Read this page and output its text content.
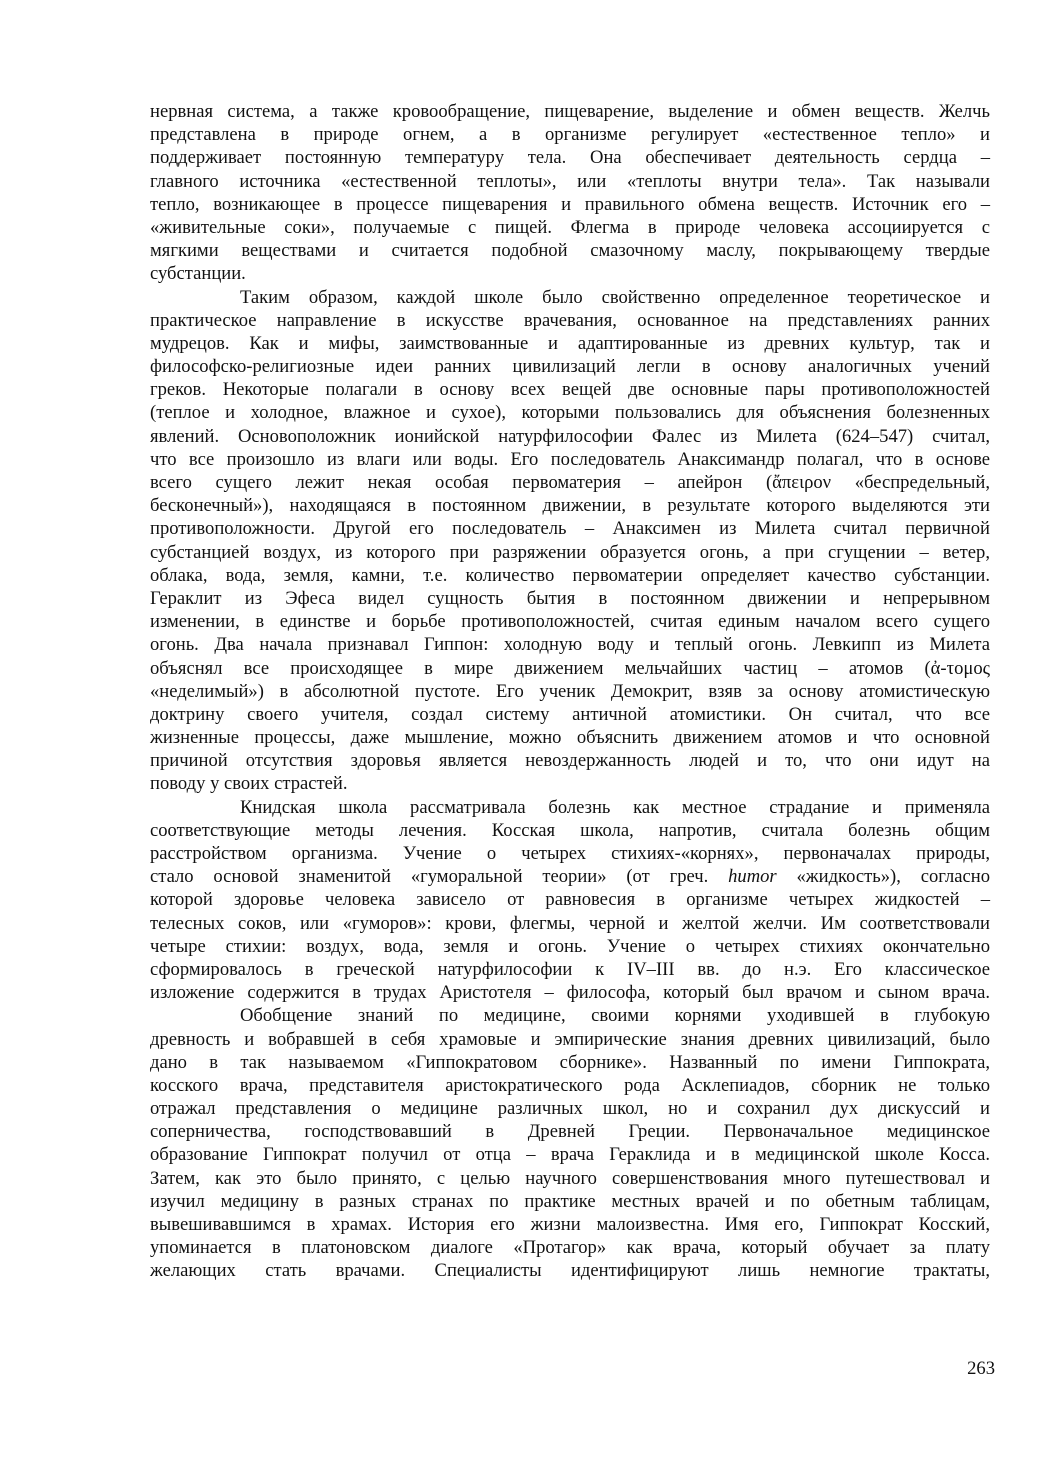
нервная система, а также кровообращение, пищеварение, выделение и обмен веществ. Желчь
представлена в природе огнем, а в организме регулирует «естественное тепло» и
поддерживает постоянную температуру тела. Она обеспечивает деятельность сердца –
главного источника «естественной теплоты», или «теплоты внутри тела». Так называли
тепло, возникающее в процессе пищеварения и правильного обмена веществ. Источник его –
«живительные соки», получаемые с пищей. Флегма в природе человека ассоциируется с
мягкими веществами и считается подобной смазочному маслу, покрывающему твердые
субстанции.
Таким образом, каждой школе было свойственно определенное теоретическое и
практическое направление в искусстве врачевания, основанное на представлениях ранних
мудрецов. Как и мифы, заимствованные и адаптированные из древних культур, так и
философско-религиозные идеи ранних цивилизаций легли в основу аналогичных учений
греков. Некоторые полагали в основу всех вещей две основные пары противоположностей
(теплое и холодное, влажное и сухое), которыми пользовались для объяснения болезненных
явлений. Основоположник ионийской натурфилософии Фалес из Милета (624–547) считал,
что все произошло из влаги или воды. Его последователь Анаксимандр полагал, что в основе
всего сущего лежит некая особая первоматерия – апейрон (ἄπειρον «беспредельный,
бесконечный»), находящаяся в постоянном движении, в результате которого выделяются эти
противоположности. Другой его последователь – Анаксимен из Милета считал первичной
субстанцией воздух, из которого при разряжении образуется огонь, а при сгущении – ветер,
облака, вода, земля, камни, т.е. количество первоматерии определяет качество субстанции.
Гераклит из Эфеса видел сущность бытия в постоянном движении и непрерывном
изменении, в единстве и борьбе противоположностей, считая единым началом всего сущего
огонь. Два начала признавал Гиппон: холодную воду и теплый огонь. Левкипп из Милета
объяснял все происходящее в мире движением мельчайших частиц – атомов (ἀ-τομος
«неделимый») в абсолютной пустоте. Его ученик Демокрит, взяв за основу атомистическую
доктрину своего учителя, создал систему античной атомистики. Он считал, что все
жизненные процессы, даже мышление, можно объяснить движением атомов и что основной
причиной отсутствия здоровья является невоздержанность людей и то, что они идут на
поводу у своих страстей.
Книдская школа рассматривала болезнь как местное страдание и применяла
соответствующие методы лечения. Косская школа, напротив, считала болезнь общим
расстройством организма. Учение о четырех стихиях-«корнях», первоначалах природы,
стало основой знаменитой «гуморальной теории» (от греч. humor «жидкость»), согласно
которой здоровье человека зависело от равновесия в организме четырех жидкостей –
телесных соков, или «гуморов»: крови, флегмы, черной и желтой желчи. Им соответствовали
четыре стихии: воздух, вода, земля и огонь. Учение о четырех стихиях окончательно
сформировалось в греческой натурфилософии к IV–III вв. до н.э. Его классическое
изложение содержится в трудах Аристотеля – философа, который был врачом и сыном врача.
Обобщение знаний по медицине, своими корнями уходившей в глубокую
древность и вобравшей в себя храмовые и эмпирические знания древних цивилизаций, было
дано в так называемом «Гиппократовом сборнике». Названный по имени Гиппократа,
косского врача, представителя аристократического рода Асклепиадов, сборник не только
отражал представления о медицине различных школ, но и сохранил дух дискуссий и
соперничества, господствовавший в Древней Греции. Первоначальное медицинское
образование Гиппократ получил от отца – врача Гераклида и в медицинской школе Косса.
Затем, как это было принято, с целью научного совершенствования много путешествовал и
изучил медицину в разных странах по практике местных врачей и по обетным таблицам,
вывешивавшимся в храмах. История его жизни малоизвестна. Имя его, Гиппократ Косский,
упоминается в платоновском диалоге «Протагор» как врача, который обучает за плату
желающих стать врачами. Специалисты идентифицируют лишь немногие трактаты,
263
